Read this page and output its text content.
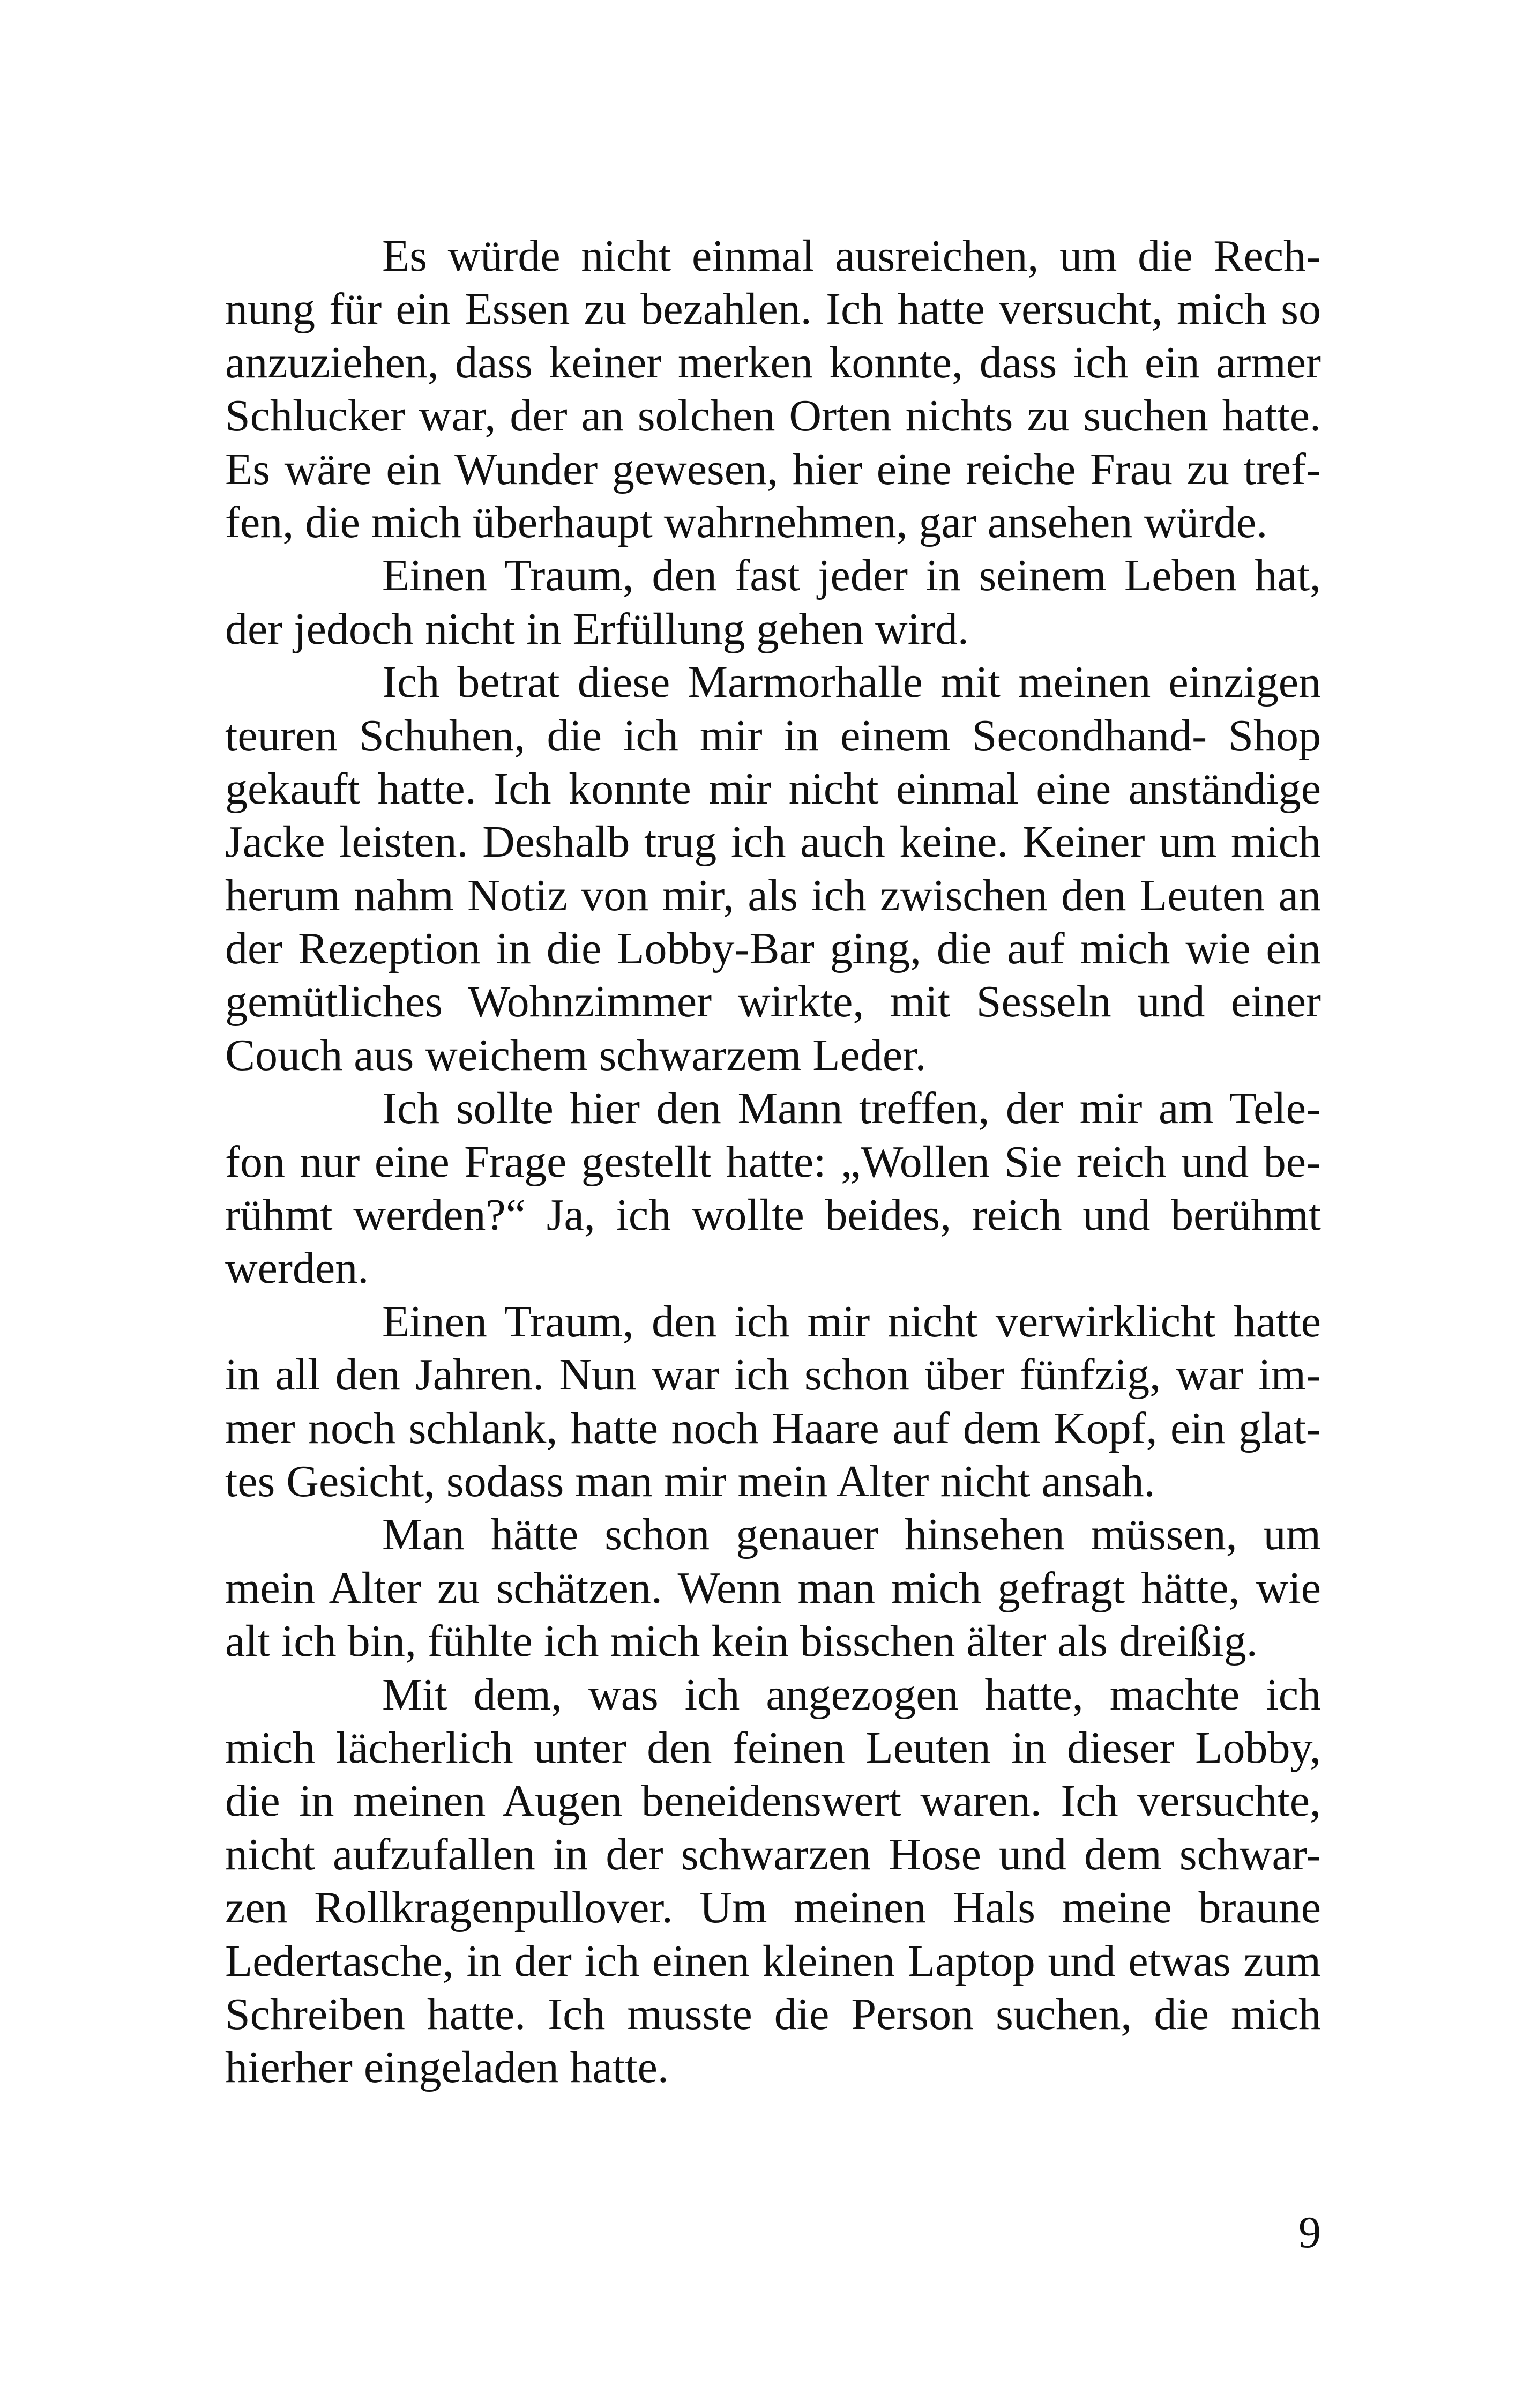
Es würde nicht einmal ausreichen, um die Rech-
nung für ein Essen zu bezahlen. Ich hatte versucht, mich so
anzuziehen, dass keiner merken konnte, dass ich ein armer
Schlucker war, der an solchen Orten nichts zu suchen hatte.
Es wäre ein Wunder gewesen, hier eine reiche Frau zu tref-
fen, die mich überhaupt wahrnehmen, gar ansehen würde.
Einen Traum, den fast jeder in seinem Leben hat,
der jedoch nicht in Erfüllung gehen wird.
Ich betrat diese Marmorhalle mit meinen einzigen
teuren Schuhen, die ich mir in einem Secondhand- Shop
gekauft hatte. Ich konnte mir nicht einmal eine anständige
Jacke leisten. Deshalb trug ich auch keine. Keiner um mich
herum nahm Notiz von mir, als ich zwischen den Leuten an
der Rezeption in die Lobby-Bar ging, die auf mich wie ein
gemütliches Wohnzimmer wirkte, mit Sesseln und einer
Couch aus weichem schwarzem Leder.
Ich sollte hier den Mann treffen, der mir am Tele-
fon nur eine Frage gestellt hatte: „Wollen Sie reich und be-
rühmt werden?“ Ja, ich wollte beides, reich und berühmt
werden.
Einen Traum, den ich mir nicht verwirklicht hatte
in all den Jahren. Nun war ich schon über fünfzig, war im-
mer noch schlank, hatte noch Haare auf dem Kopf, ein glat-
tes Gesicht, sodass man mir mein Alter nicht ansah.
Man hätte schon genauer hinsehen müssen, um
mein Alter zu schätzen. Wenn man mich gefragt hätte, wie
alt ich bin, fühlte ich mich kein bisschen älter als dreißig.
Mit dem, was ich angezogen hatte, machte ich
mich lächerlich unter den feinen Leuten in dieser Lobby,
die in meinen Augen beneidenswert waren. Ich versuchte,
nicht aufzufallen in der schwarzen Hose und dem schwar-
zen Rollkragenpullover. Um meinen Hals meine braune
Ledertasche, in der ich einen kleinen Laptop und etwas zum
Schreiben hatte. Ich musste die Person suchen, die mich
hierher eingeladen hatte.
9
